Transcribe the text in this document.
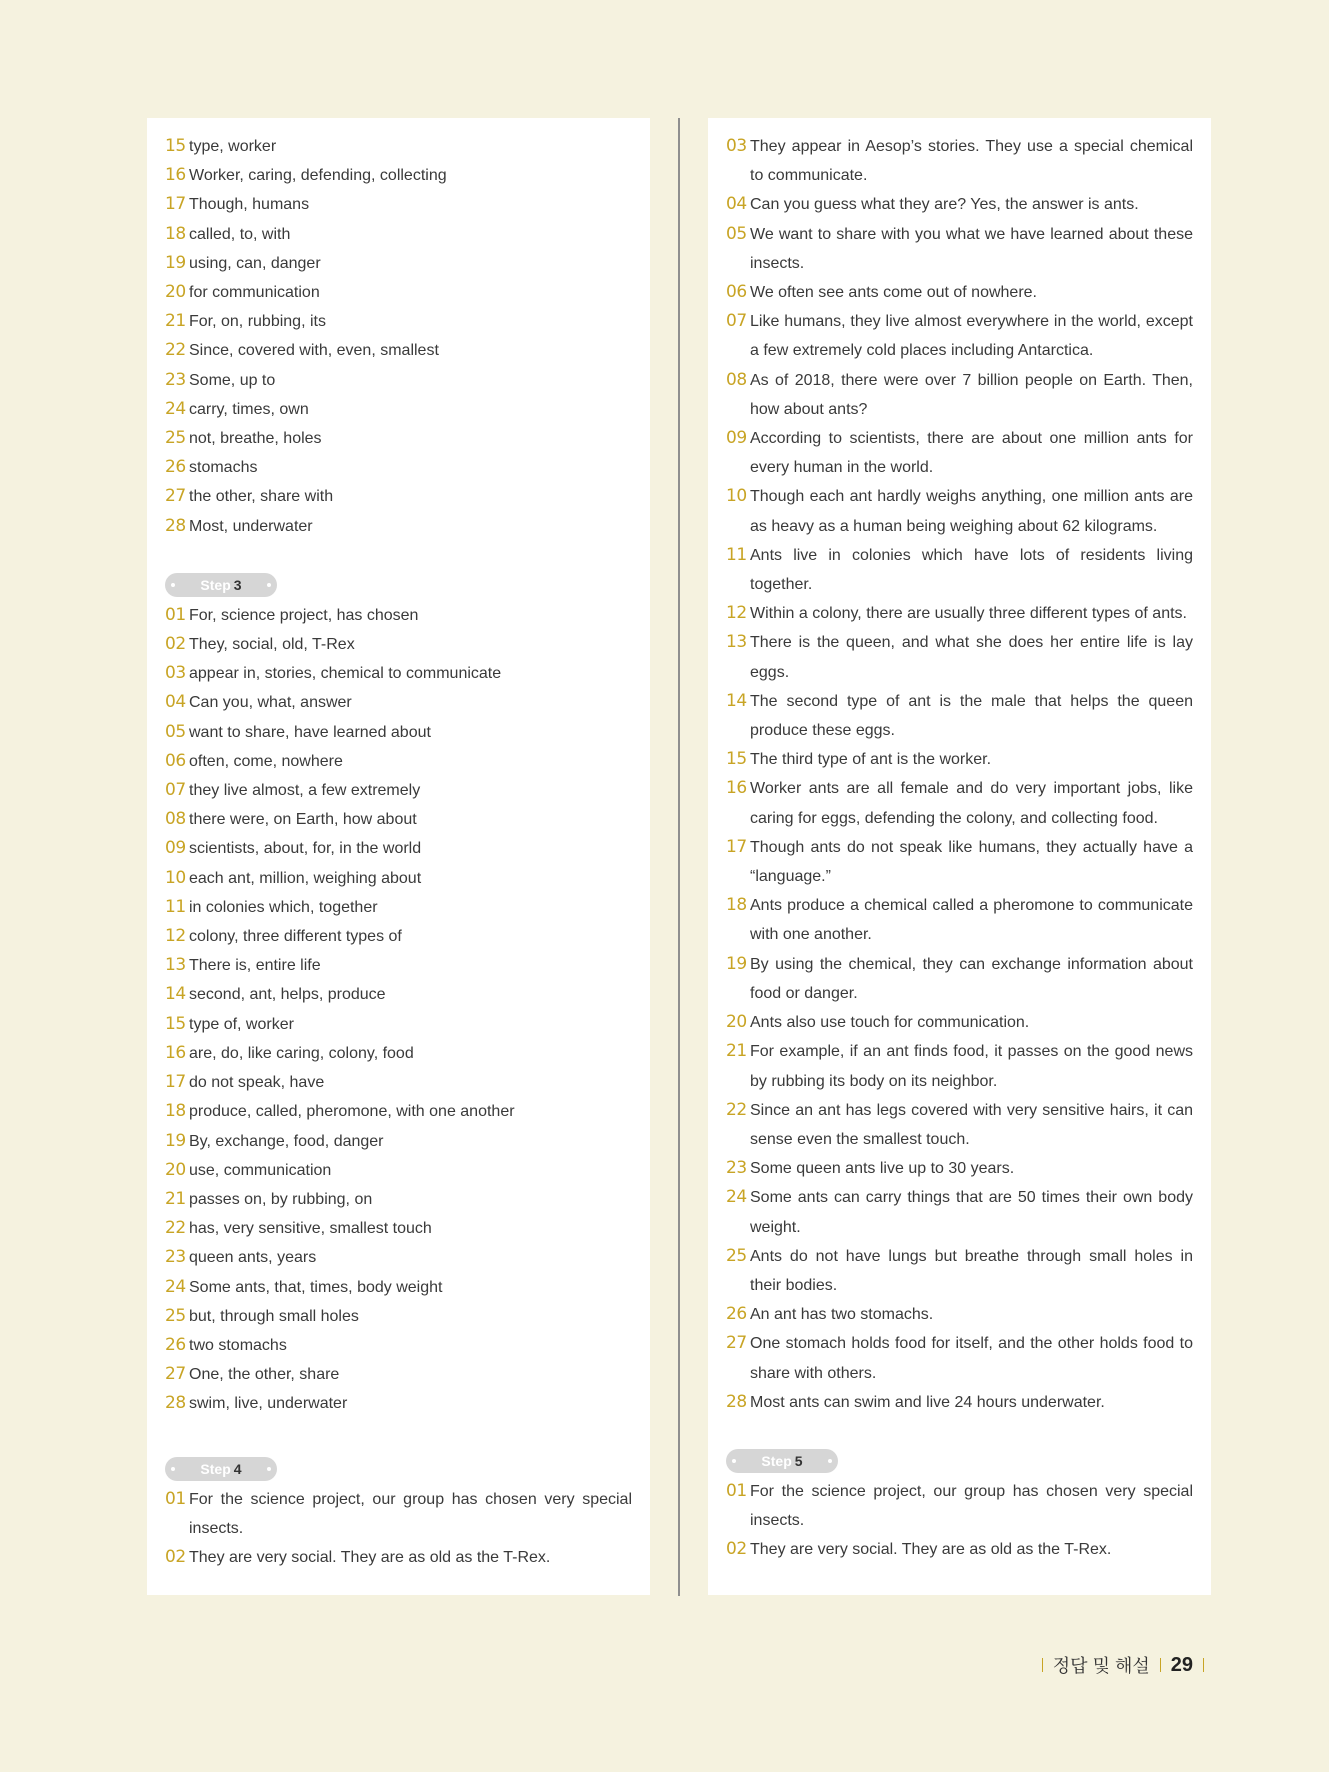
15 type, worker
16 Worker, caring, defending, collecting
17 Though, humans
18 called, to, with
19 using, can, danger
20 for communication
21 For, on, rubbing, its
22 Since, covered with, even, smallest
23 Some, up to
24 carry, times, own
25 not, breathe, holes
26 stomachs
27 the other, share with
28 Most, underwater
Step 3
01 For, science project, has chosen
02 They, social, old, T-Rex
03 appear in, stories, chemical to communicate
04 Can you, what, answer
05 want to share, have learned about
06 often, come, nowhere
07 they live almost, a few extremely
08 there were, on Earth, how about
09 scientists, about, for, in the world
10 each ant, million, weighing about
11 in colonies which, together
12 colony, three different types of
13 There is, entire life
14 second, ant, helps, produce
15 type of, worker
16 are, do, like caring, colony, food
17 do not speak, have
18 produce, called, pheromone, with one another
19 By, exchange, food, danger
20 use, communication
21 passes on, by rubbing, on
22 has, very sensitive, smallest touch
23 queen ants, years
24 Some ants, that, times, body weight
25 but, through small holes
26 two stomachs
27 One, the other, share
28 swim, live, underwater
Step 4
01 For the science project, our group has chosen very special insects.
02 They are very social. They are as old as the T-Rex.
03 They appear in Aesop’s stories. They use a special chemical to communicate.
04 Can you guess what they are? Yes, the answer is ants.
05 We want to share with you what we have learned about these insects.
06 We often see ants come out of nowhere.
07 Like humans, they live almost everywhere in the world, except a few extremely cold places including Antarctica.
08 As of 2018, there were over 7 billion people on Earth. Then, how about ants?
09 According to scientists, there are about one million ants for every human in the world.
10 Though each ant hardly weighs anything, one million ants are as heavy as a human being weighing about 62 kilograms.
11 Ants live in colonies which have lots of residents living together.
12 Within a colony, there are usually three different types of ants.
13 There is the queen, and what she does her entire life is lay eggs.
14 The second type of ant is the male that helps the queen produce these eggs.
15 The third type of ant is the worker.
16 Worker ants are all female and do very important jobs, like caring for eggs, defending the colony, and collecting food.
17 Though ants do not speak like humans, they actually have a “language.”
18 Ants produce a chemical called a pheromone to communicate with one another.
19 By using the chemical, they can exchange information about food or danger.
20 Ants also use touch for communication.
21 For example, if an ant finds food, it passes on the good news by rubbing its body on its neighbor.
22 Since an ant has legs covered with very sensitive hairs, it can sense even the smallest touch.
23 Some queen ants live up to 30 years.
24 Some ants can carry things that are 50 times their own body weight.
25 Ants do not have lungs but breathe through small holes in their bodies.
26 An ant has two stomachs.
27 One stomach holds food for itself, and the other holds food to share with others.
28 Most ants can swim and live 24 hours underwater.
Step 5
01 For the science project, our group has chosen very special insects.
02 They are very social. They are as old as the T-Rex.
정답 및 해설 29
